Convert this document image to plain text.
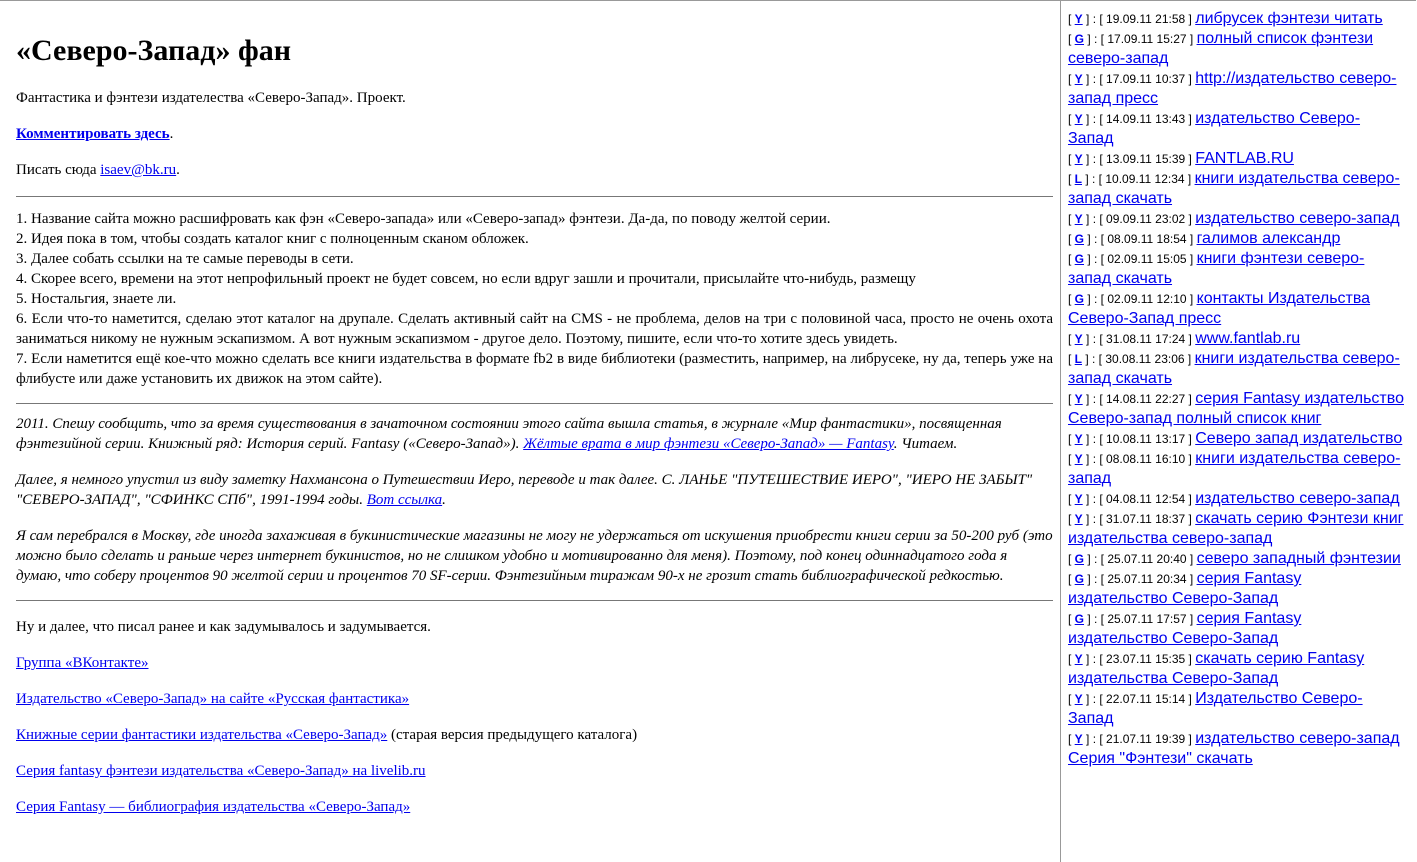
«Северо-Запад» фан

Фантастика и фэнтези издателества «Северо-Запад». Проект.

Комментировать здесь.

Писать сюда isaev@bk.ru.

1. Название сайта можно расшифровать как фэн «Северо-запада» или «Северо-запад» фэнтези. Да-да, по поводу желтой серии.
2. Идея пока в том, чтобы создать каталог книг с полноценным сканом обложек.
3. Далее собать ссылки на те самые переводы в сети.
4. Скорее всего, времени на этот непрофильный проект не будет совсем, но если вдруг зашли и прочитали, присылайте что-нибудь, размещу
5. Ностальгия, знаете ли.
6. Если что-то наметится, сделаю этот каталог на друпале. Сделать активный сайт на CMS - не проблема, делов на три с половиной часа, просто не очень охота заниматься никому не нужным эскапизмом. А вот нужным эскапизмом - другое дело. Поэтому, пишите, если что-то хотите здесь увидеть.
7. Если наметится ещё кое-что можно сделать все книги издательства в формате fb2 в виде библиотеки (разместить, например, на либрусеке, ну да, теперь уже на флибусте или даже установить их движок на этом сайте).

2011. Спешу сообщить, что за время существования в зачаточном состоянии этого сайта вышла статья, в журнале «Мир фантастики», посвященная фэнтезийной серии. Книжный ряд: История серий. Fantasy («Северо-Запад»). Жёлтые врата в мир фэнтези «Северо-Запад» — Fantasy. Читаем.

Далее, я немного упустил из виду заметку Нахмансона о Путешествии Иеро, переводе и так далее. С. ЛАНЬЕ "ПУТЕШЕСТВИЕ ИЕРО", "ИЕРО НЕ ЗАБЫТ" "СЕВЕРО-ЗАПАД", "СФИНКС СПб", 1991-1994 годы. Вот ссылка.

Я сам перебрался в Москву, где иногда захаживая в букинистические магазины не могу не удержаться от искушения приобрести книги серии за 50-200 руб (это можно было сделать и раньше через интернет букинистов, но не слишком удобно и мотивированно для меня). Поэтому, под конец одиннадцатого года я думаю, что соберу процентов 90 желтой серии и процентов 70 SF-серии. Фэнтезийным тиражам 90-х не грозит стать библиографической редкостью.

Ну и далее, что писал ранее и как задумывалось и задумывается.

Группа «ВКонтакте»

Издательство «Северо-Запад» на сайте «Русская фантастика»

Книжные серии фантастики издательства «Северо-Запад» (старая версия предыдущего каталога)

Серия fantasy фэнтези издательства «Северо-Запад» на livelib.ru

Серия Fantasy — библиография издательства «Северо-Запад»

[ Y ] : [ 19.09.11 21:58 ] либрусек фэнтези читать
[ G ] : [ 17.09.11 15:27 ] полный список фэнтези северо-запад
[ Y ] : [ 17.09.11 10:37 ] http://издательство северо-запад пресс
[ Y ] : [ 14.09.11 13:43 ] издательство Северо-Запад
[ Y ] : [ 13.09.11 15:39 ] FANTLAB.RU
[ L ] : [ 10.09.11 12:34 ] книги издательства северо-запад скачать
[ Y ] : [ 09.09.11 23:02 ] издательство северо-запад
[ G ] : [ 08.09.11 18:54 ] галимов александр
[ G ] : [ 02.09.11 15:05 ] книги фэнтези северо-запад скачать
[ G ] : [ 02.09.11 12:10 ] контакты Издательства Северо-Запад пресс
[ Y ] : [ 31.08.11 17:24 ] www.fantlab.ru
[ L ] : [ 30.08.11 23:06 ] книги издательства северо-запад скачать
[ Y ] : [ 14.08.11 22:27 ] серия Fantasy издательство Северо-запад полный список книг
[ Y ] : [ 10.08.11 13:17 ] Северо запад издательство
[ Y ] : [ 08.08.11 16:10 ] книги издательства северо-запад
[ Y ] : [ 04.08.11 12:54 ] издательство северо-запад
[ Y ] : [ 31.07.11 18:37 ] скачать серию Фэнтези книг издательства северо-запад
[ G ] : [ 25.07.11 20:40 ] северо западный фэнтезии
[ G ] : [ 25.07.11 20:34 ] серия Fantasy издательство Северо-Запад
[ G ] : [ 25.07.11 17:57 ] серия Fantasy издательство Северо-Запад
[ Y ] : [ 23.07.11 15:35 ] скачать серию Fantasy издательства Северо-Запад
[ Y ] : [ 22.07.11 15:14 ] Издательство Северо-Запад
[ Y ] : [ 21.07.11 19:39 ] издательство северо-запад Серия "Фэнтези" скачать
